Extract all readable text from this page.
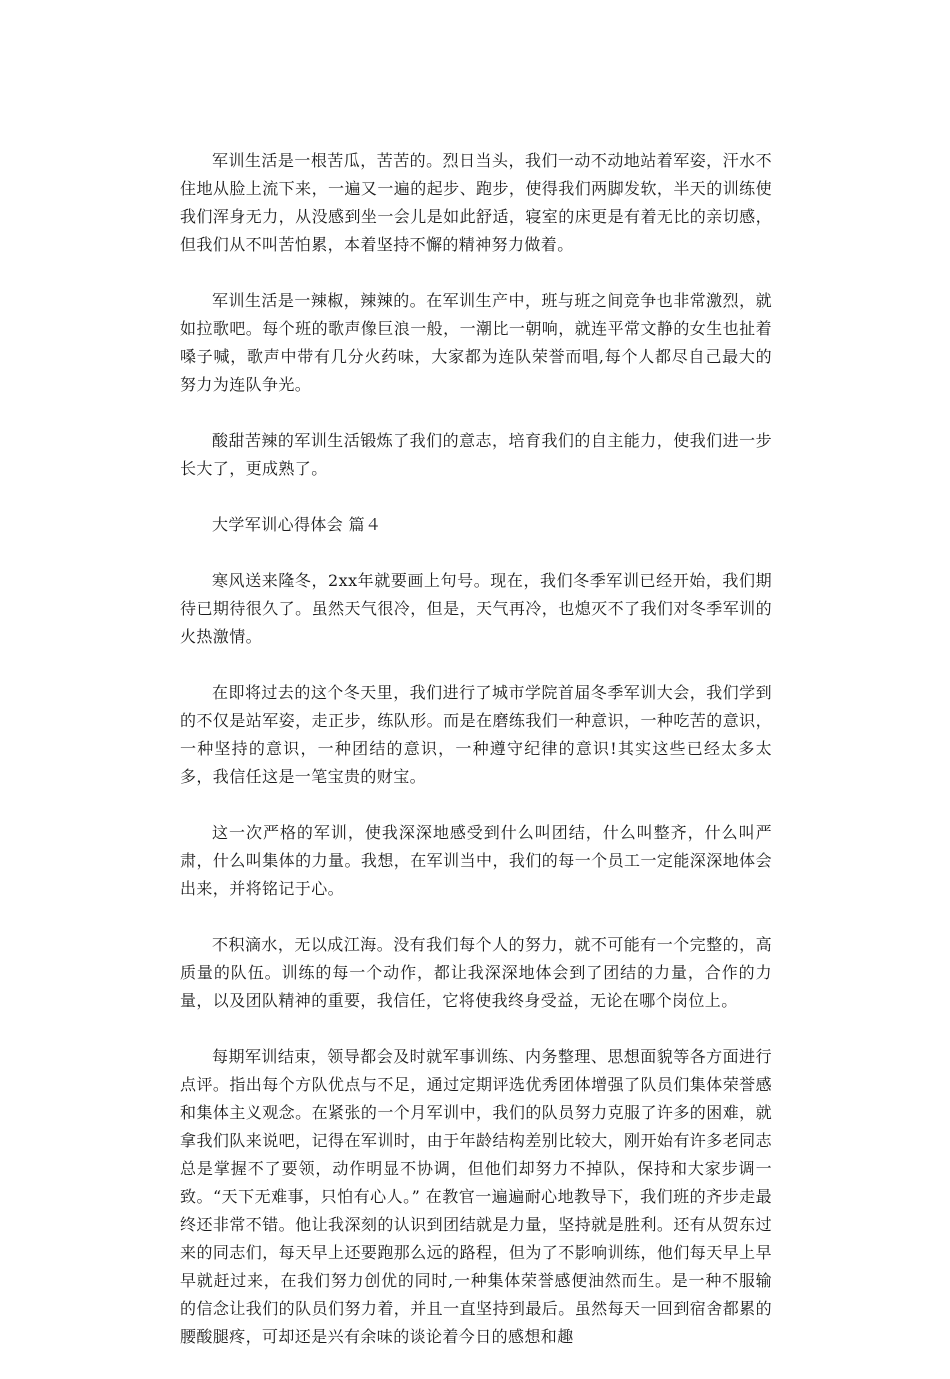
军训生活是一根苦瓜，苦苦的。烈日当头，我们一动不动地站着军姿，汗水不住地从脸上流下来，一遍又一遍的起步、跑步，使得我们两脚发软，半天的训练使我们浑身无力，从没感到坐一会儿是如此舒适，寝室的床更是有着无比的亲切感，但我们从不叫苦怕累，本着坚持不懈的精神努力做着。

军训生活是一辣椒，辣辣的。在军训生产中，班与班之间竞争也非常激烈，就如拉歌吧。每个班的歌声像巨浪一般，一潮比一朝响，就连平常文静的女生也扯着嗓子喊，歌声中带有几分火药味，大家都为连队荣誉而唱,每个人都尽自己最大的努力为连队争光。

酸甜苦辣的军训生活锻炼了我们的意志，培育我们的自主能力，使我们进一步长大了，更成熟了。

大学军训心得体会 篇４

寒风送来隆冬，2xx年就要画上句号。现在，我们冬季军训已经开始，我们期待已期待很久了。虽然天气很冷，但是，天气再冷，也熄灭不了我们对冬季军训的火热激情。

在即将过去的这个冬天里，我们进行了城市学院首届冬季军训大会，我们学到的不仅是站军姿，走正步，练队形。而是在磨练我们一种意识，一种吃苦的意识，一种坚持的意识，一种团结的意识，一种遵守纪律的意识!其实这些已经太多太多，我信任这是一笔宝贵的财宝。

这一次严格的军训，使我深深地感受到什么叫团结，什么叫整齐，什么叫严肃，什么叫集体的力量。我想，在军训当中，我们的每一个员工一定能深深地体会出来，并将铭记于心。

不积滴水，无以成江海。没有我们每个人的努力，就不可能有一个完整的，高质量的队伍。训练的每一个动作，都让我深深地体会到了团结的力量，合作的力量，以及团队精神的重要，我信任，它将使我终身受益，无论在哪个岗位上。

每期军训结束，领导都会及时就军事训练、内务整理、思想面貌等各方面进行点评。指出每个方队优点与不足，通过定期评选优秀团体增强了队员们集体荣誉感和集体主义观念。在紧张的一个月军训中，我们的队员努力克服了许多的困难，就拿我们队来说吧，记得在军训时，由于年龄结构差别比较大，刚开始有许多老同志总是掌握不了要领，动作明显不协调，但他们却努力不掉队，保持和大家步调一致。“天下无难事，只怕有心人。” 在教官一遍遍耐心地教导下，我们班的齐步走最终还非常不错。他让我深刻的认识到团结就是力量，坚持就是胜利。还有从贺东过来的同志们，每天早上还要跑那么远的路程，但为了不影响训练，他们每天早上早早就赶过来，在我们努力创优的同时,一种集体荣誉感便油然而生。是一种不服输的信念让我们的队员们努力着，并且一直坚持到最后。虽然每天一回到宿舍都累的腰酸腿疼，可却还是兴有余味的谈论着今日的感想和趣
